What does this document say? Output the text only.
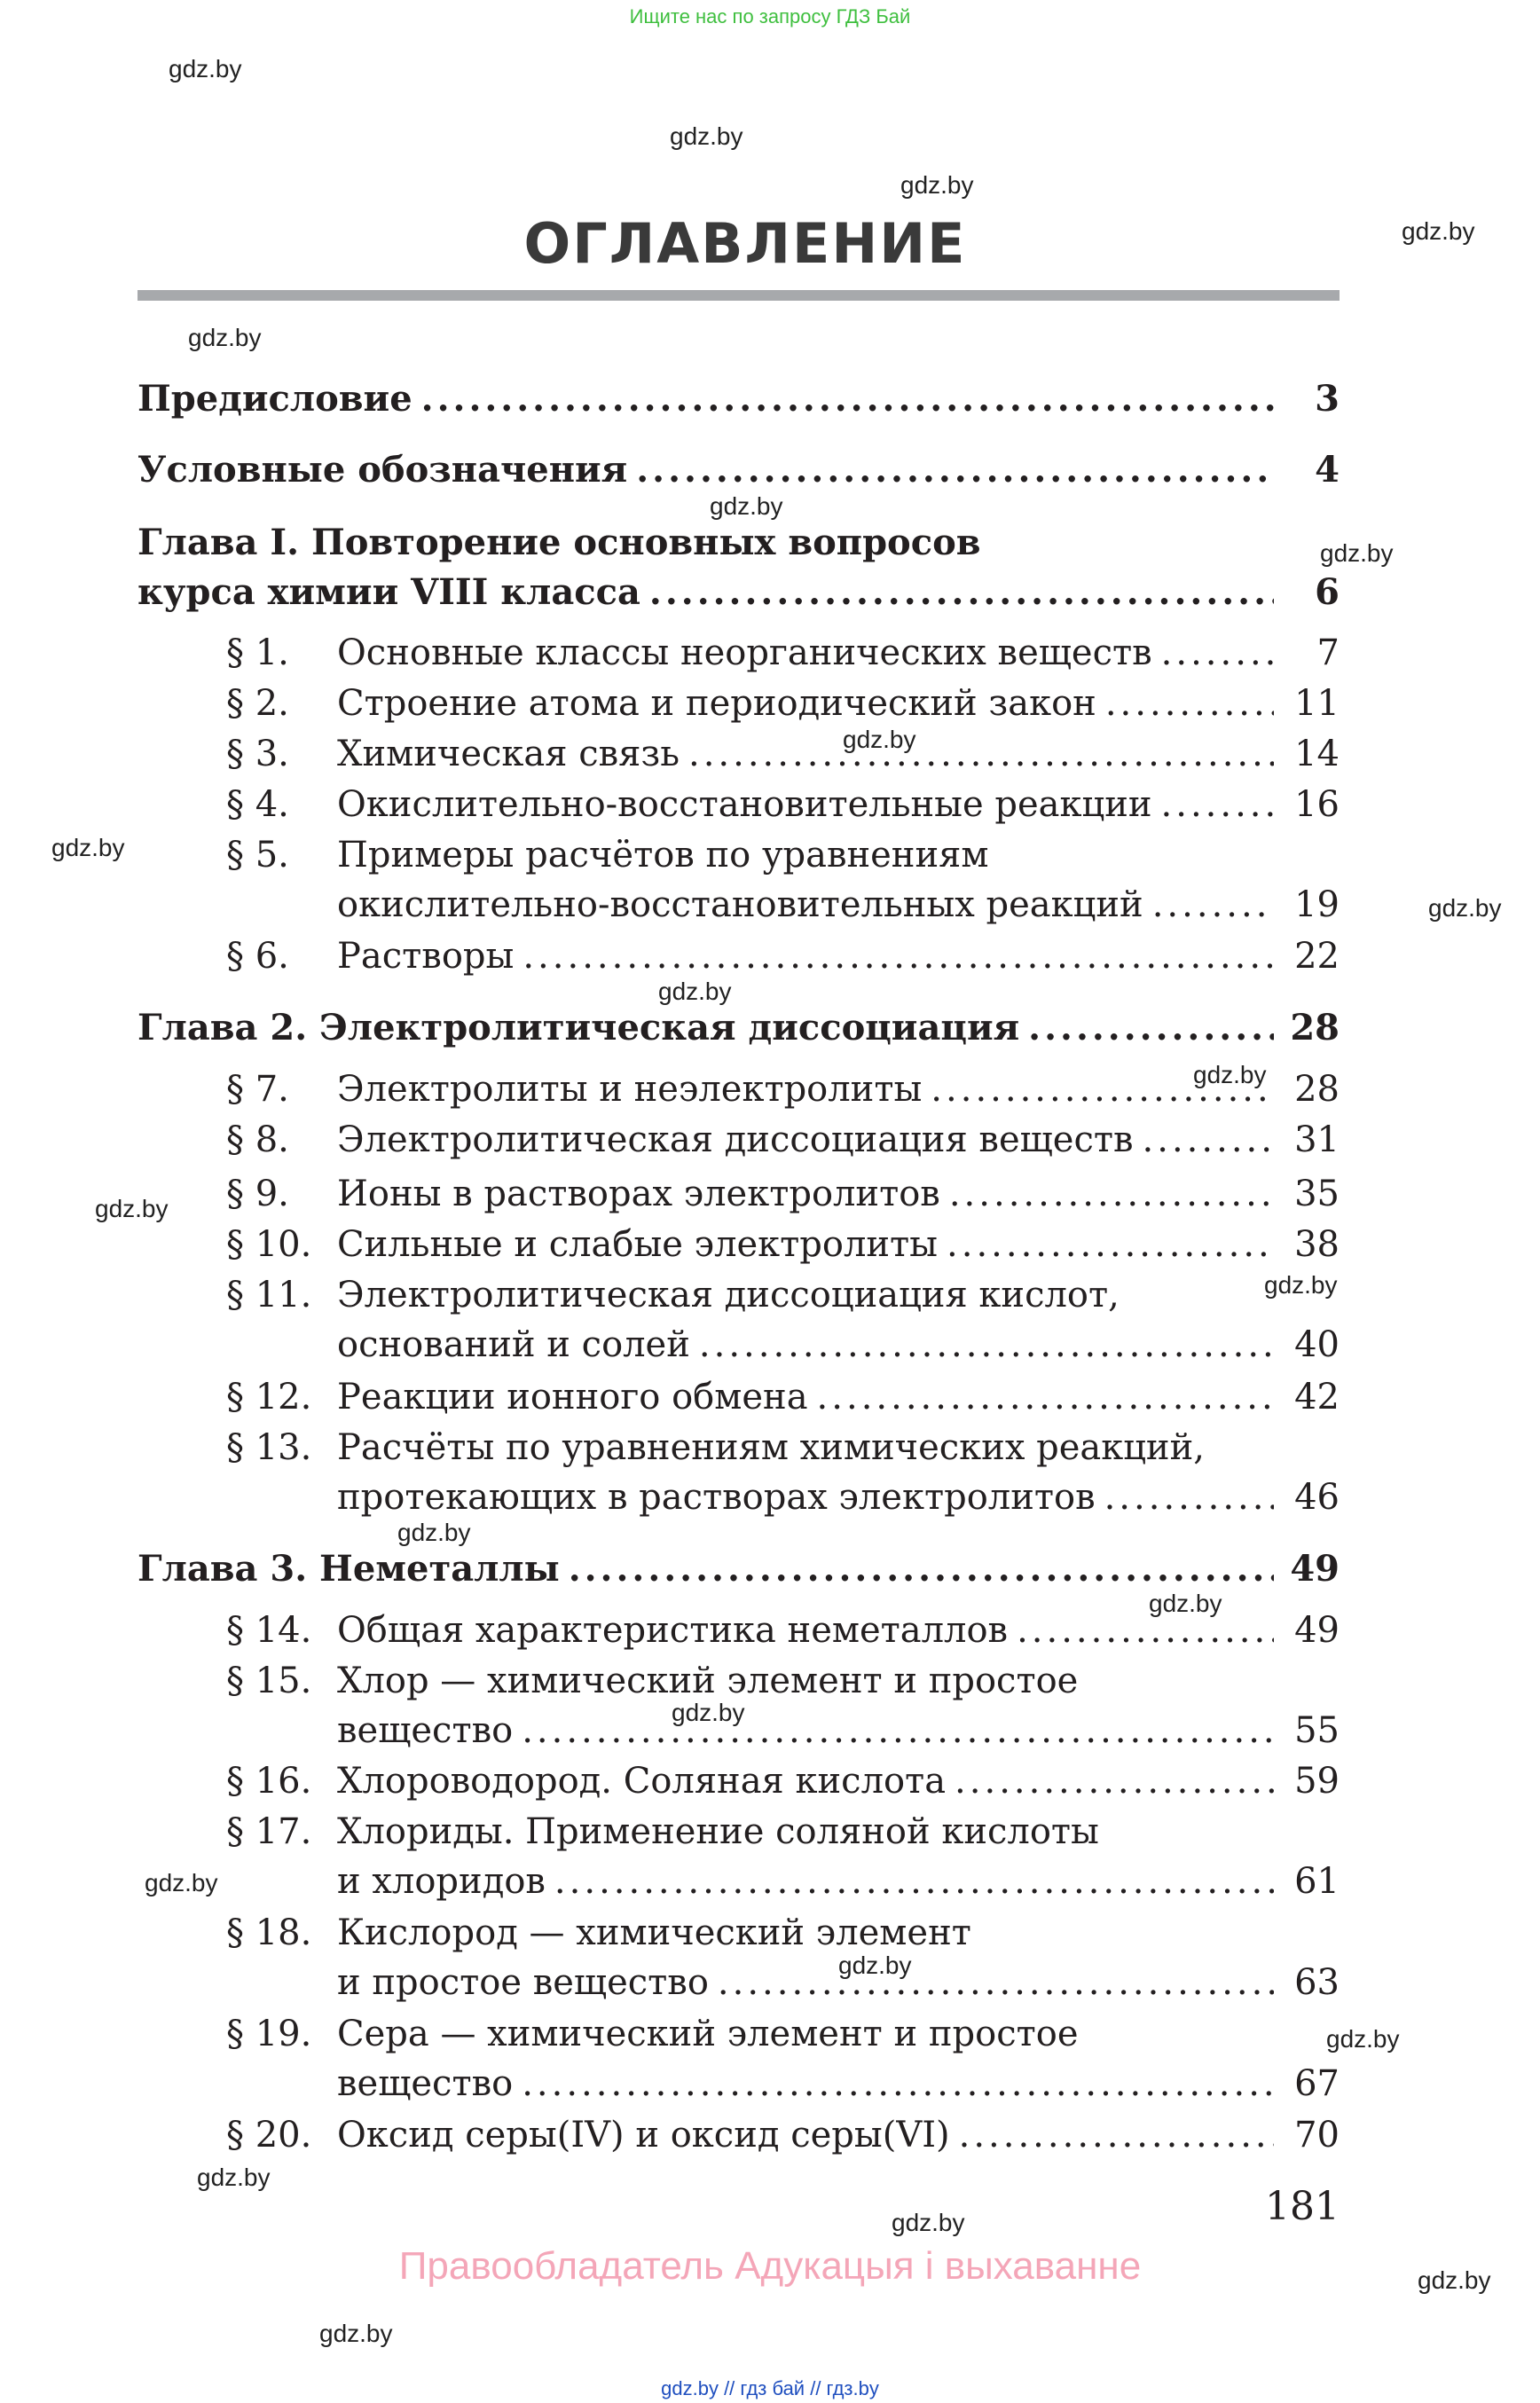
Ищите нас по запросу ГДЗ Бай
gdz.by
gdz.by
gdz.by
gdz.by
gdz.by
gdz.by
gdz.by
gdz.by
gdz.by
gdz.by
gdz.by
gdz.by
gdz.by
gdz.by
gdz.by
gdz.by
gdz.by
gdz.by
gdz.by
gdz.by
gdz.by
gdz.by
gdz.by
gdz.by
ОГЛАВЛЕНИЕ
Предисловие .....	3
Условные обозначения .....	4
Глава I. Повторение основных вопросов
курса химии VIII класса .....	6
§ 1.	Основные классы неорганических веществ .....	7
§ 2.	Строение атома и периодический закон .....	11
§ 3.	Химическая связь .....	14
§ 4.	Окислительно-восстановительные реакции .....	16
§ 5.	Примеры расчётов по уравнениям
окислительно-восстановительных реакций .....	19
§ 6.	Растворы .....	22
Глава 2. Электролитическая диссоциация .....	28
§ 7.	Электролиты и неэлектролиты .....	28
§ 8.	Электролитическая диссоциация веществ .....	31
§ 9.	Ионы в растворах электролитов .....	35
§ 10. Сильные и слабые электролиты .....	38
§ 11. Электролитическая диссоциация кислот,
оснований и солей .....	40
§ 12. Реакции ионного обмена .....	42
§ 13. Расчёты по уравнениям химических реакций,
протекающих в растворах электролитов .....	46
Глава 3. Неметаллы .....	49
§ 14. Общая характеристика неметаллов .....	49
§ 15. Хлор — химический элемент и простое
вещество .....	55
§ 16. Хлороводород. Соляная кислота .....	59
§ 17. Хлориды. Применение соляной кислоты
и хлоридов .....	61
§ 18. Кислород — химический элемент
и простое вещество .....	63
§ 19. Сера — химический элемент и простое
вещество .....	67
§ 20. Оксид серы(IV) и оксид серы(VI) .....	70
181
Правообладатель Адукацыя і выхаванне
gdz.by // гдз бай // гдз.by
